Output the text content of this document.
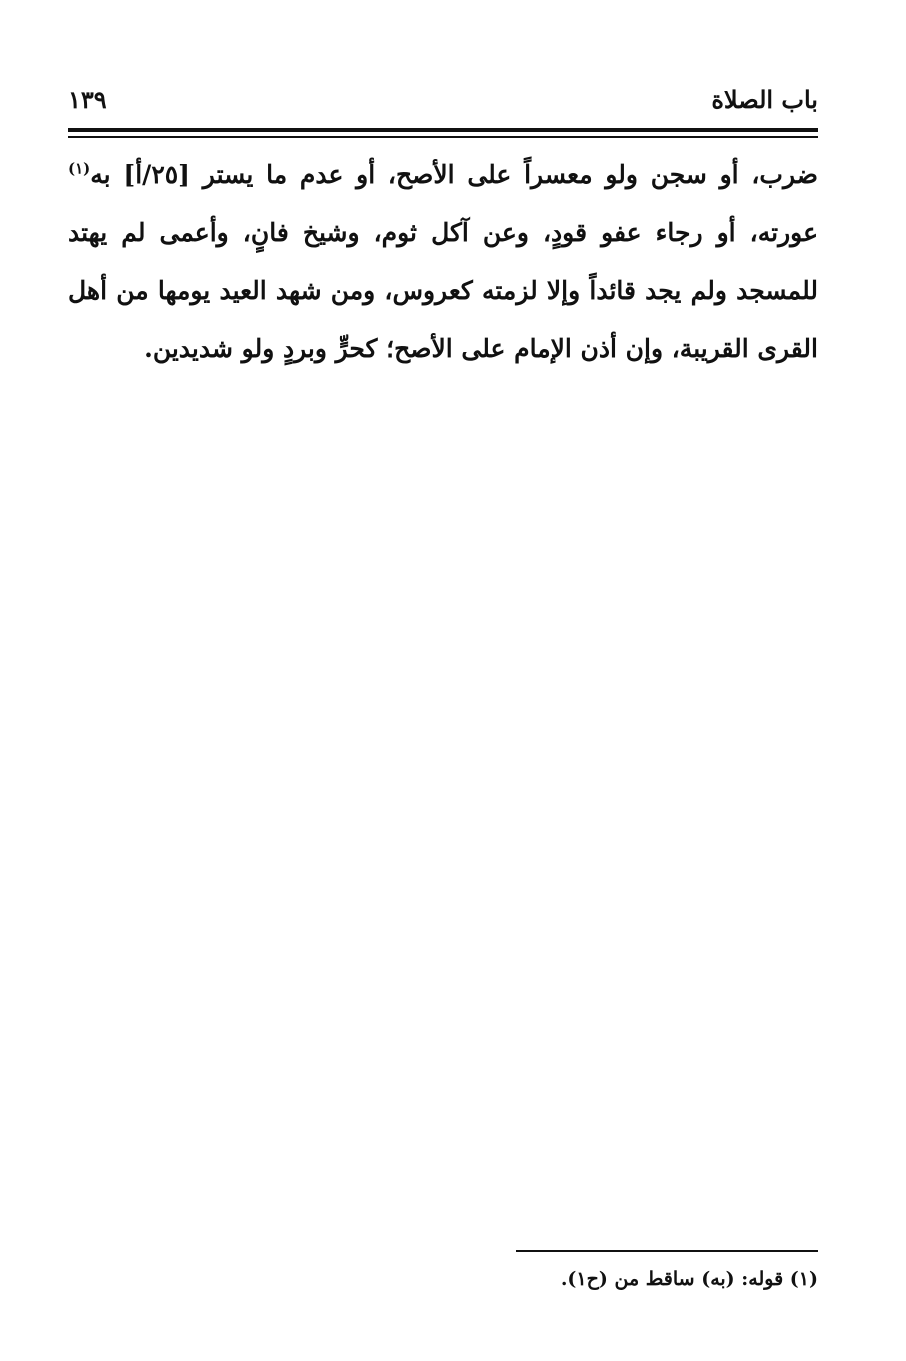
باب الصلاة
١٣٩

ضرب، أو سجن ولو معسراً على الأصح، أو عدم ما يستر [٢٥/أ] به$^{(١)}$ عورته، أو رجاء عفو قودٍ، وعن آكل ثوم، وشيخ فانٍ، وأعمى لم يهتد للمسجد ولم يجد قائداً وإلا لزمته كعروس، ومن شهد العيد يومها من أهل القرى القريبة، وإن أذن الإمام على الأصح؛ كحرٍّ وبردٍ ولو شديدين.

(١) قوله: (به) ساقط من (ح١).
